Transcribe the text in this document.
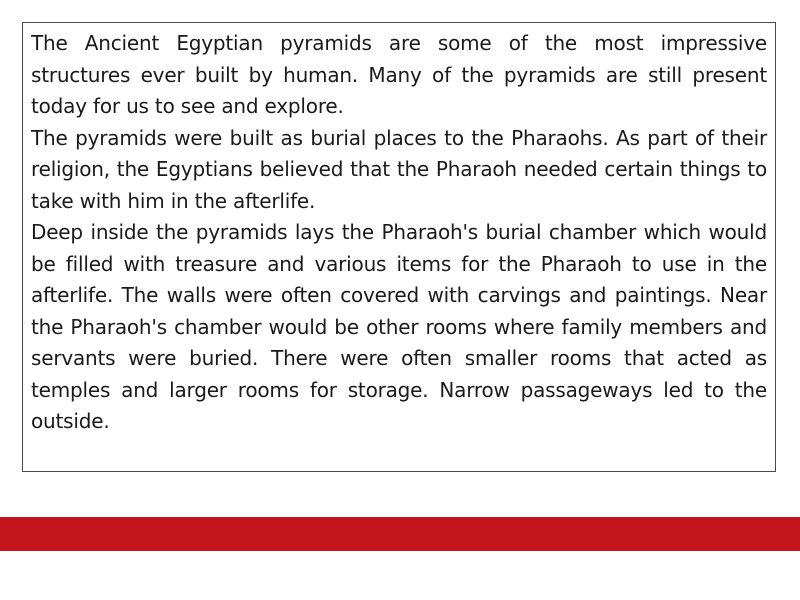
The Ancient Egyptian pyramids are some of the most impressive structures ever built by human. Many of the pyramids are still present today for us to see and explore.

The pyramids were built as burial places to the Pharaohs. As part of their religion, the Egyptians believed that the Pharaoh needed certain things to take with him in the afterlife.

Deep inside the pyramids lays the Pharaoh's burial chamber which would be filled with treasure and various items for the Pharaoh to use in the afterlife. The walls were often covered with carvings and paintings. Near the Pharaoh's chamber would be other rooms where family members and servants were buried. There were often smaller rooms that acted as temples and larger rooms for storage. Narrow passageways led to the outside.
